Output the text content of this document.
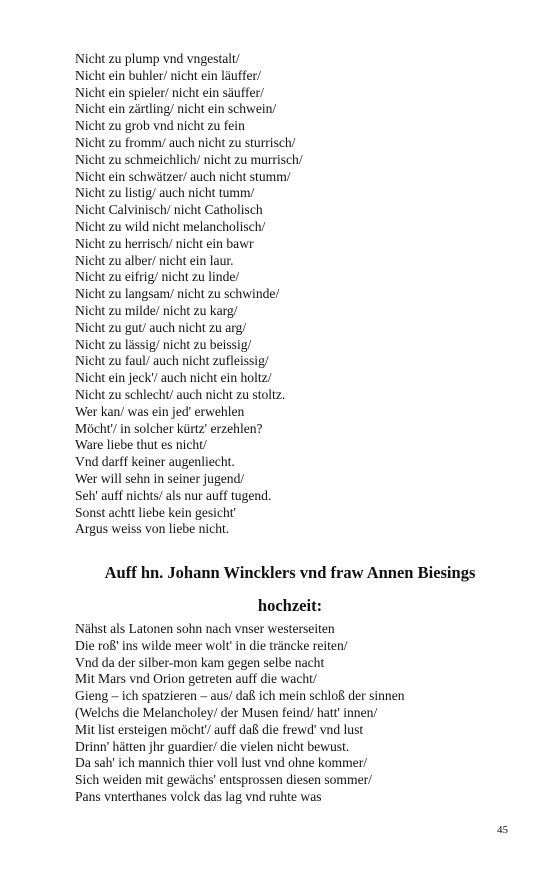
Nicht zu plump vnd vngestalt/
Nicht ein buhler/ nicht ein läuffer/
Nicht ein spieler/ nicht ein säuffer/
Nicht ein zärtling/ nicht ein schwein/
Nicht zu grob vnd nicht zu fein
Nicht zu fromm/ auch nicht zu sturrisch/
Nicht zu schmeichlich/ nicht zu murrisch/
Nicht ein schwätzer/ auch nicht stumm/
Nicht zu listig/ auch nicht tumm/
Nicht Calvinisch/ nicht Catholisch
Nicht zu wild nicht melancholisch/
Nicht zu herrisch/ nicht ein bawr
Nicht zu alber/ nicht ein laur.
Nicht zu eifrig/ nicht zu linde/
Nicht zu langsam/ nicht zu schwinde/
Nicht zu milde/ nicht zu karg/
Nicht zu gut/ auch nicht zu arg/
Nicht zu lässig/ nicht zu beissig/
Nicht zu faul/ auch nicht zufleissig/
Nicht ein jeck'/ auch nicht ein holtz/
Nicht zu schlecht/ auch nicht zu stoltz.
Wer kan/ was ein jed' erwehlen
Möcht'/ in solcher kürtz' erzehlen?
Ware liebe thut es nicht/
Vnd darff keiner augenliecht.
Wer will sehn in seiner jugend/
Seh' auff nichts/ als nur auff tugend.
Sonst achtt liebe kein gesicht'
Argus weiss von liebe nicht.
Auff hn. Johann Wincklers vnd fraw Annen Biesings
hochzeit:
Nähst als Latonen sohn nach vnser westerseiten
Die roß' ins wilde meer wolt' in die träncke reiten/
Vnd da der silber-mon kam gegen selbe nacht
Mit Mars vnd Orion getreten auff die wacht/
Gieng – ich spatzieren – aus/ daß ich mein schloß der sinnen
(Welchs die Melancholey/ der Musen feind/ hatt' innen/
Mit list ersteigen möcht'/ auff daß die frewd' vnd lust
Drinn' hätten jhr guardier/ die vielen nicht bewust.
Da sah' ich mannich thier voll lust vnd ohne kommer/
Sich weiden mit gewächs' entsprossen diesen sommer/
Pans vnterthanes volck das lag vnd ruhte was
45
